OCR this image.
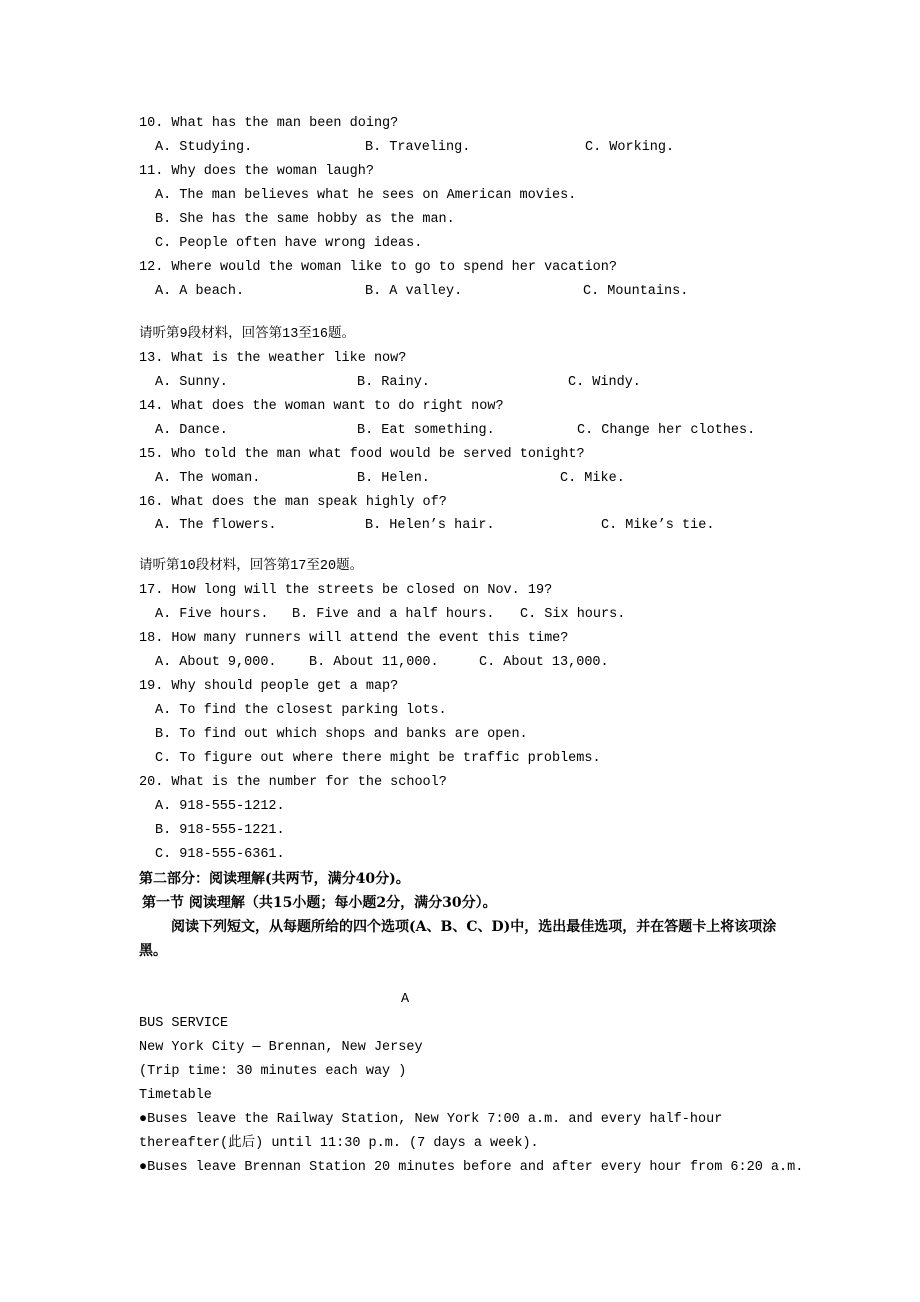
10. What has the man been doing?

A. Studying.

	B. Traveling.

	C. Working.

11. Why does the woman laugh?
A. The man believes what he sees on American movies.
B. She has the same hobby as the man.
C. People often have wrong ideas.
12. Where would the woman like to go to spend her vacation?

A. A beach.

	B. A valley.

	C. Mountains.

请听第9段材料，回答第13至16题。
13. What is the weather like now?

A. Sunny.

	B. Rainy.

	C. Windy.

14. What does the woman want to do right now?

A. Dance.

	B. Eat something.

	C. Change her clothes.

15. Who told the man what food would be served tonight?

A. The woman.

	B. Helen.

	C. Mike.

16. What does the man speak highly of?

A. The flowers.

	B. Helen’s hair.

	C. Mike’s tie.

请听第10段材料，回答第17至20题。
17. How long will the streets be closed on Nov. 19?

A. Five hours.

B. Five and a half hours.

C. Six hours.

18. How many runners will attend the event this time?

A. About 9,000.

B. About 11,000.

	C. About 13,000.

19. Why should people get a map?
A. To find the closest parking lots.
B. To find out which shops and banks are open.
C. To figure out where there might be traffic problems.
20. What is the number for the school?
A. 918-555-1212.
B. 918-555-1221.
C. 918-555-6361.
第二部分：阅读理解(共两节，满分40分)。
第一节 阅读理解（共15小题；每小题2分，满分30分）。
阅读下列短文，从每题所给的四个选项(A、B、C、D)中，选出最佳选项，并在答题卡上将该项涂黑。
A
BUS SERVICE
New York City — Brennan, New Jersey
(Trip time: 30 minutes each way )
Timetable
●Buses leave the Railway Station, New York 7:00 a.m. and every half-hour thereafter(此后) until 11:30 p.m. (7 days a week).
●Buses leave Brennan Station 20 minutes before and after every hour from 6:20 a.m.
